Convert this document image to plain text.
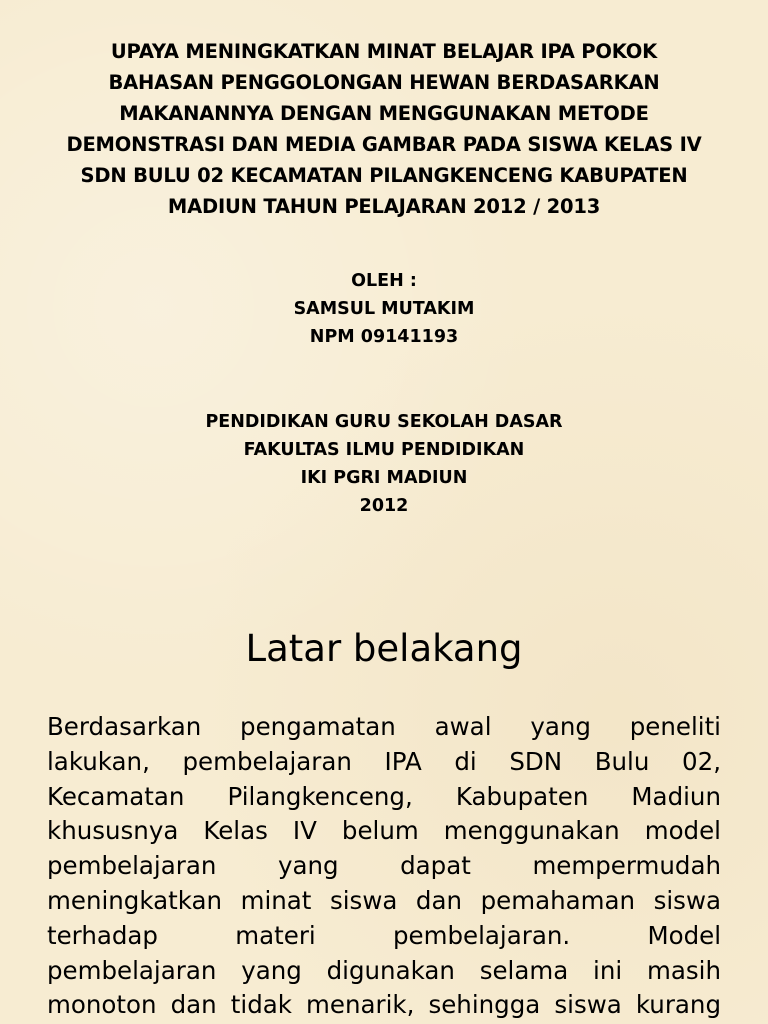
UPAYA MENINGKATKAN MINAT BELAJAR IPA POKOK
BAHASAN PENGGOLONGAN HEWAN BERDASARKAN
MAKANANNYA DENGAN MENGGUNAKAN METODE
DEMONSTRASI DAN MEDIA GAMBAR PADA SISWA KELAS IV
SDN BULU 02 KECAMATAN PILANGKENCENG KABUPATEN
MADIUN TAHUN PELAJARAN 2012 / 2013
OLEH :
SAMSUL MUTAKIM
NPM 09141193
PENDIDIKAN GURU SEKOLAH DASAR
FAKULTAS ILMU PENDIDIKAN
IKI PGRI MADIUN
2012
Latar belakang
Berdasarkan pengamatan awal yang peneliti
lakukan, pembelajaran IPA di SDN Bulu 02,
Kecamatan Pilangkenceng, Kabupaten Madiun
khususnya Kelas IV belum menggunakan model
pembelajaran yang dapat mempermudah
meningkatkan minat siswa dan pemahaman siswa
terhadap materi pembelajaran. Model
pembelajaran yang digunakan selama ini masih
monoton dan tidak menarik, sehingga siswa kurang
